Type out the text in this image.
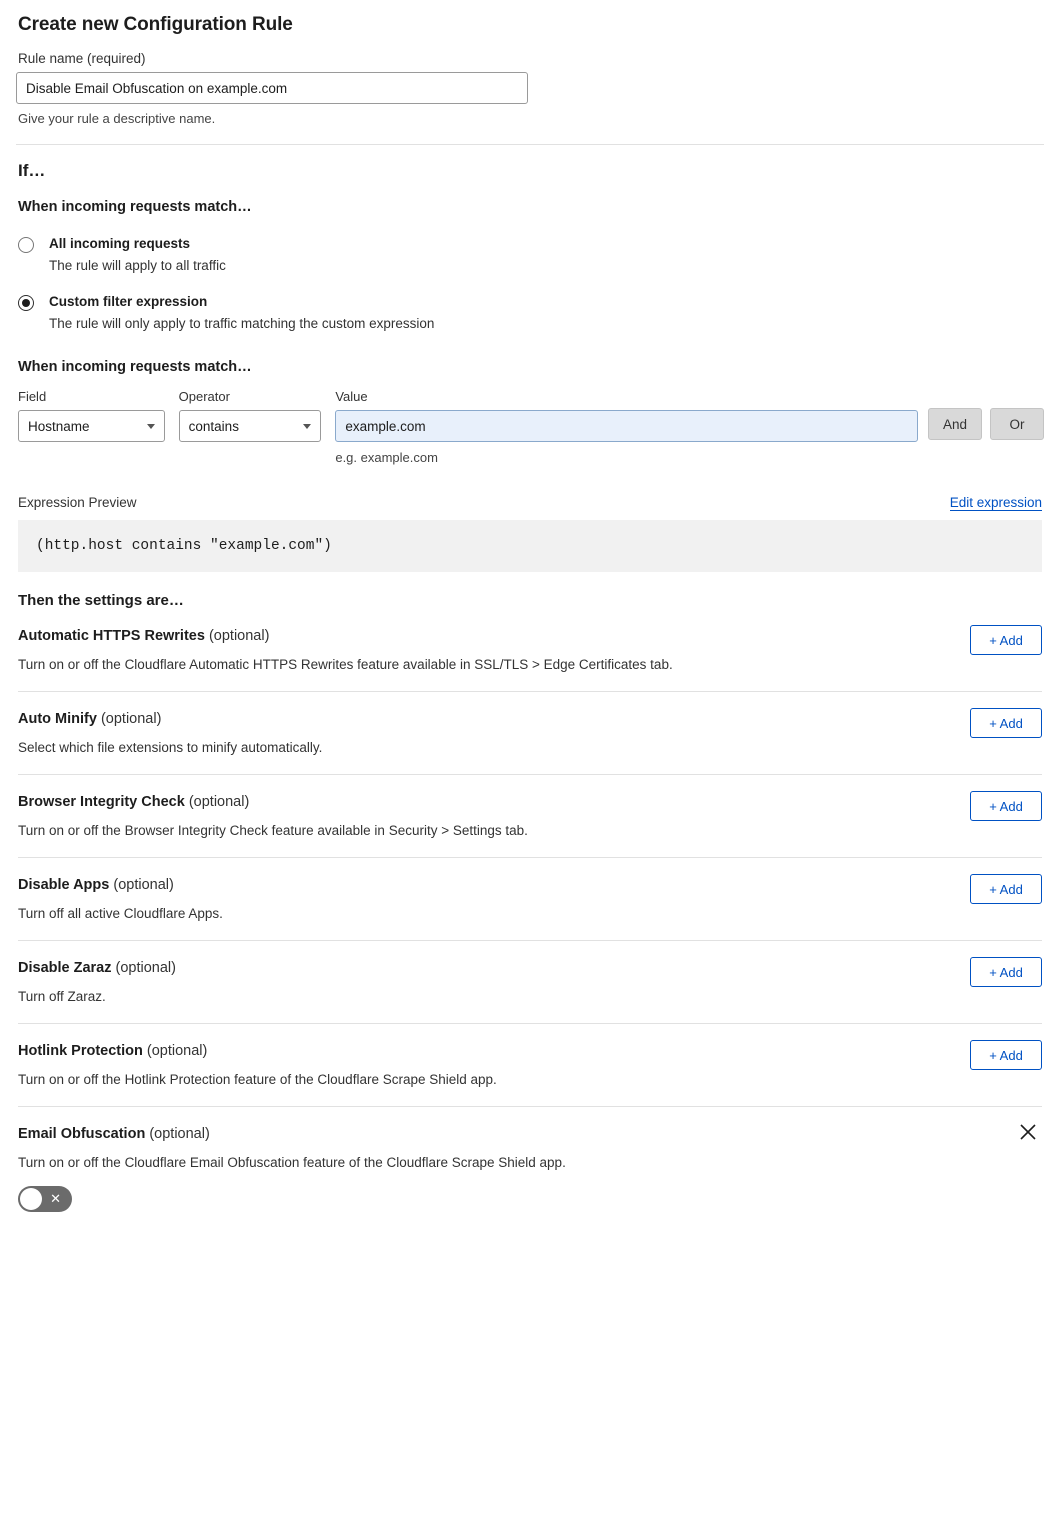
Create new Configuration Rule
Rule name (required)
Disable Email Obfuscation on example.com
Give your rule a descriptive name.
If…
When incoming requests match…
All incoming requests
The rule will apply to all traffic
Custom filter expression
The rule will only apply to traffic matching the custom expression
When incoming requests match…
Field
Hostname
Operator
contains
Value
example.com
e.g. example.com
And	Or
Expression Preview	Edit expression
(http.host contains "example.com")
Then the settings are…
Automatic HTTPS Rewrites (optional)
Turn on or off the Cloudflare Automatic HTTPS Rewrites feature available in SSL/TLS > Edge Certificates tab.
+ Add
Auto Minify (optional)
Select which file extensions to minify automatically.
+ Add
Browser Integrity Check (optional)
Turn on or off the Browser Integrity Check feature available in Security > Settings tab.
+ Add
Disable Apps (optional)
Turn off all active Cloudflare Apps.
+ Add
Disable Zaraz (optional)
Turn off Zaraz.
+ Add
Hotlink Protection (optional)
Turn on or off the Hotlink Protection feature of the Cloudflare Scrape Shield app.
+ Add
Email Obfuscation (optional)
Turn on or off the Cloudflare Email Obfuscation feature of the Cloudflare Scrape Shield app.
✕
